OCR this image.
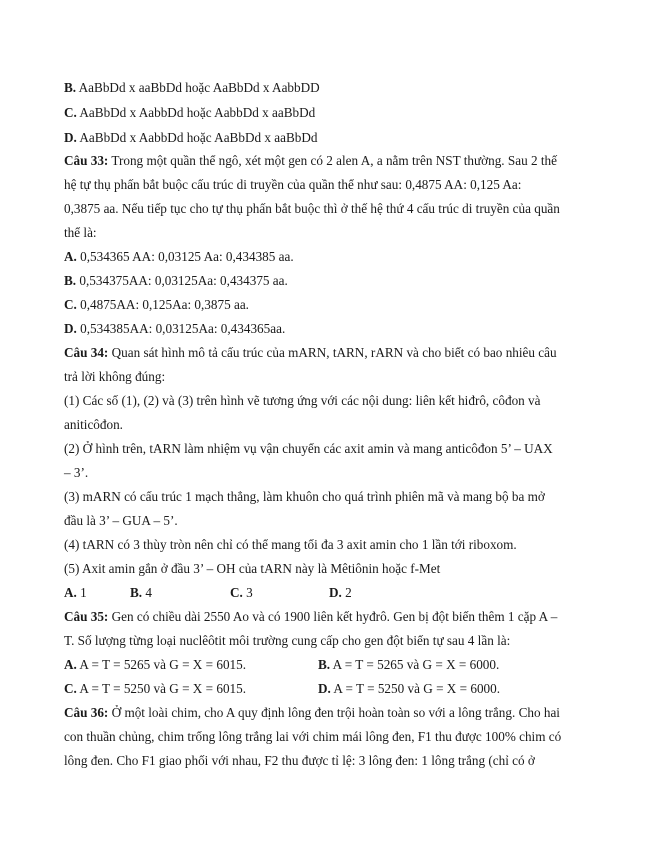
B. AaBbDd x aaBbDd hoặc AaBbDd x AabbDD
C. AaBbDd x AabbDd hoặc AabbDd x aaBbDd
D. AaBbDd x AabbDd hoặc AaBbDd x aaBbDd
Câu 33: Trong một quần thể ngô, xét một gen có 2 alen A, a nằm trên NST thường. Sau 2 thế
hệ tự thụ phấn bắt buộc cấu trúc di truyền của quần thể như sau: 0,4875 AA: 0,125 Aa:
0,3875 aa. Nếu tiếp tục cho tự thụ phấn bắt buộc thì ở thế hệ thứ 4 cấu trúc di truyền của quần
thể là:
A. 0,534365 AA: 0,03125 Aa: 0,434385 aa.
B. 0,534375AA: 0,03125Aa: 0,434375 aa.
C. 0,4875AA: 0,125Aa: 0,3875 aa.
D. 0,534385AA: 0,03125Aa: 0,434365aa.
Câu 34: Quan sát hình mô tả cấu trúc của mARN, tARN, rARN và cho biết có bao nhiêu câu
trả lời không đúng:
(1) Các số (1), (2) và (3) trên hình vẽ tương ứng với các nội dung: liên kết hiđrô, côđon và
aniticôđon.
(2) Ở hình trên, tARN làm nhiệm vụ vận chuyển các axit amin và mang anticôđon 5’ – UAX
– 3’.
(3) mARN có cấu trúc 1 mạch thẳng, làm khuôn cho quá trình phiên mã và mang bộ ba mở
đầu là 3’ – GUA – 5’.
(4) tARN có 3 thùy tròn nên chỉ có thể mang tối đa 3 axit amin cho 1 lần tới riboxom.
(5) Axit amin gắn ở đầu 3’ – OH của tARN này là Mêtiônin hoặc f-Met
A. 1	B. 4	C. 3	D. 2
Câu 35: Gen có chiều dài 2550 Ao và có 1900 liên kết hyđrô. Gen bị đột biến thêm 1 cặp A –
T. Số lượng từng loại nuclêôtit môi trường cung cấp cho gen đột biến tự sau 4 lần là:
A. A = T = 5265 và G = X = 6015.	B. A = T = 5265 và G = X = 6000.
C. A = T = 5250 và G = X = 6015.	D. A = T = 5250 và G = X = 6000.
Câu 36: Ở một loài chim, cho A quy định lông đen trội hoàn toàn so với a lông trắng. Cho hai
con thuần chủng, chim trống lông trắng lai với chim mái lông đen, F1 thu được 100% chim có
lông đen. Cho F1 giao phối với nhau, F2 thu được tỉ lệ: 3 lông đen: 1 lông trắng (chỉ có ở
